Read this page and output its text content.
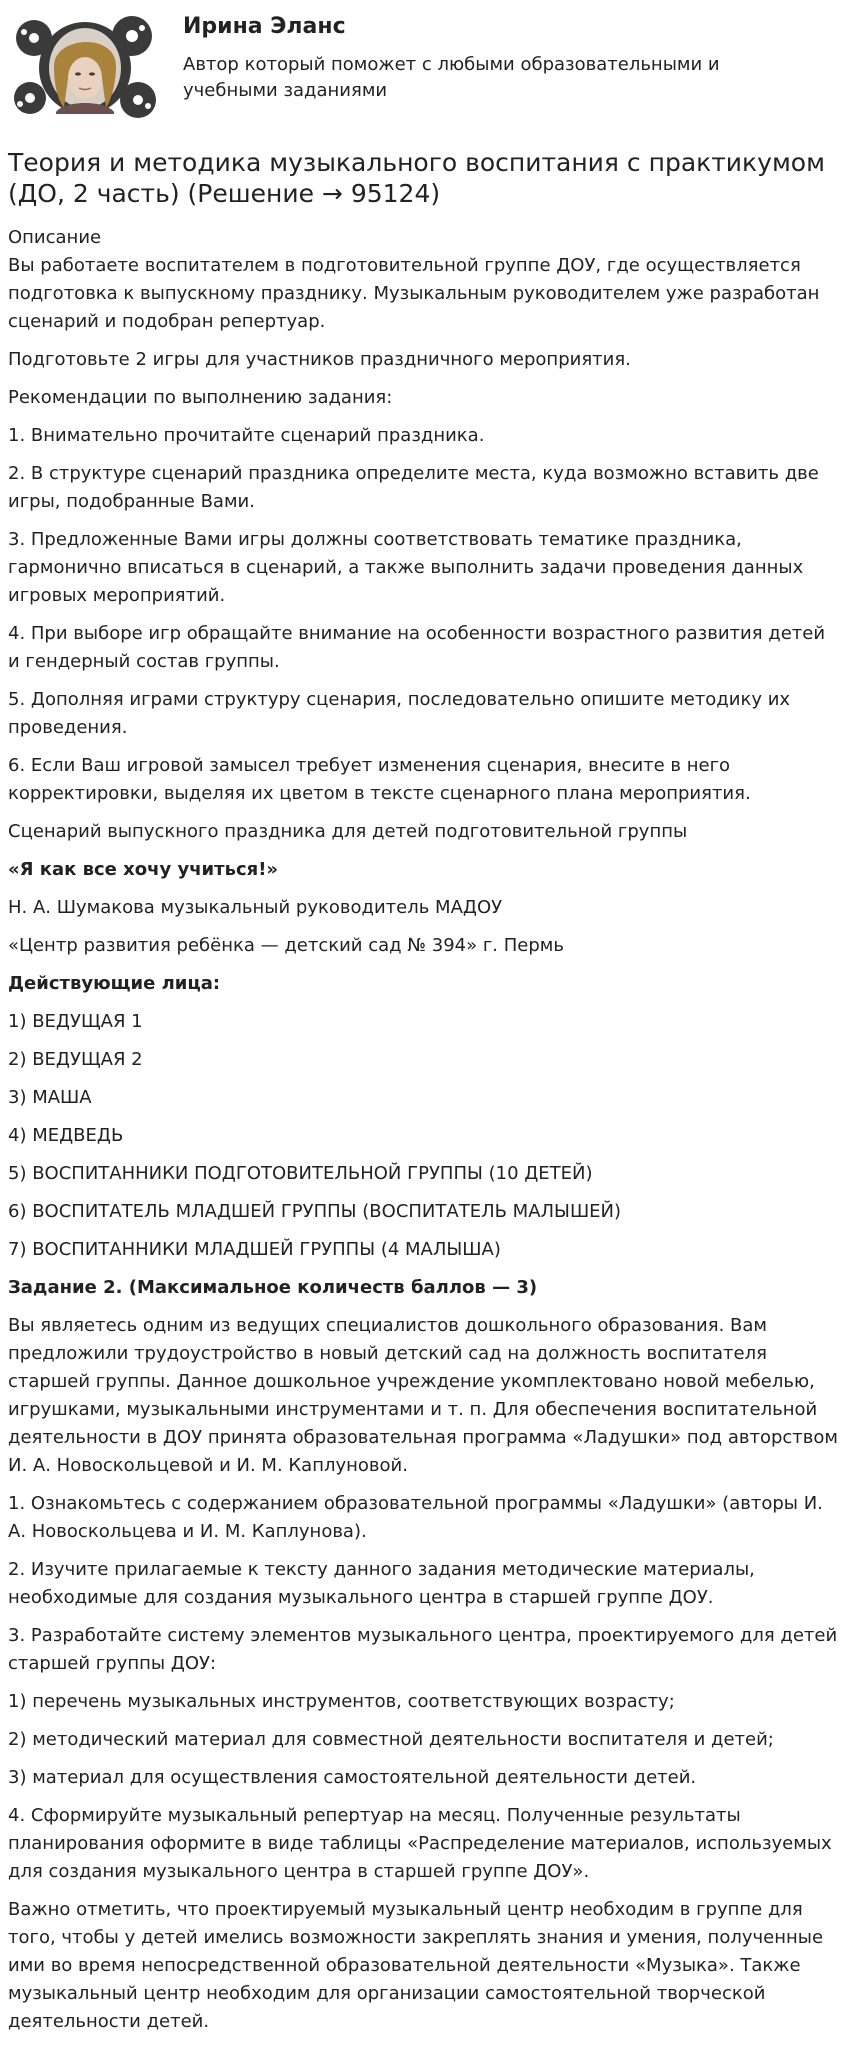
Ирина Эланс
Автор который поможет с любыми образовательными и учебными заданиями
Теория и методика музыкального воспитания с практикумом (ДО, 2 часть) (Решение → 95124)
Описание

Вы работаете воспитателем в подготовительной группе ДОУ, где осуществляется подготовка к выпускному празднику. Музыкальным руководителем уже разработан сценарий и подобран репертуар.

Подготовьте 2 игры для участников праздничного мероприятия.

Рекомендации по выполнению задания:

1. Внимательно прочитайте сценарий праздника.

2. В структуре сценарий праздника определите места, куда возможно вставить две игры, подобранные Вами.

3. Предложенные Вами игры должны соответствовать тематике праздника, гармонично вписаться в сценарий, а также выполнить задачи проведения данных игровых мероприятий.

4. При выборе игр обращайте внимание на особенности возрастного развития детей и гендерный состав группы.

5. Дополняя играми структуру сценария, последовательно опишите методику их проведения.

6. Если Ваш игровой замысел требует изменения сценария, внесите в него корректировки, выделяя их цветом в тексте сценарного плана мероприятия.

Сценарий выпускного праздника для детей подготовительной группы

«Я как все хочу учиться!»

Н. А. Шумакова музыкальный руководитель МАДОУ

«Центр развития ребёнка — детский сад № 394» г. Пермь

Действующие лица:

1) ВЕДУЩАЯ 1

2) ВЕДУЩАЯ 2

3) МАША

4) МЕДВЕДЬ

5) ВОСПИТАННИКИ ПОДГОТОВИТЕЛЬНОЙ ГРУППЫ (10 ДЕТЕЙ)

6) ВОСПИТАТЕЛЬ МЛАДШЕЙ ГРУППЫ (ВОСПИТАТЕЛЬ МАЛЫШЕЙ)

7) ВОСПИТАННИКИ МЛАДШЕЙ ГРУППЫ (4 МАЛЫША)

Задание 2. (Максимальное количеств баллов — 3)

Вы являетесь одним из ведущих специалистов дошкольного образования. Вам предложили трудоустройство в новый детский сад на должность воспитателя старшей группы. Данное дошкольное учреждение укомплектовано новой мебелью, игрушками, музыкальными инструментами и т. п. Для обеспечения воспитательной деятельности в ДОУ принята образовательная программа «Ладушки» под авторством И. А. Новоскольцевой и И. М. Каплуновой.

1. Ознакомьтесь с содержанием образовательной программы «Ладушки» (авторы И. А. Новоскольцева и И. М. Каплунова).

2. Изучите прилагаемые к тексту данного задания методические материалы, необходимые для создания музыкального центра в старшей группе ДОУ.

3. Разработайте систему элементов музыкального центра, проектируемого для детей старшей группы ДОУ:

1) перечень музыкальных инструментов, соответствующих возрасту;

2) методический материал для совместной деятельности воспитателя и детей;

3) материал для осуществления самостоятельной деятельности детей.

4. Сформируйте музыкальный репертуар на месяц. Полученные результаты планирования оформите в виде таблицы «Распределение материалов, используемых для создания музыкального центра в старшей группе ДОУ».

Важно отметить, что проектируемый музыкальный центр необходим в группе для того, чтобы у детей имелись возможности закреплять знания и умения, полученные ими во время непосредственной образовательной деятельности «Музыка». Также музыкальный центр необходим для организации самостоятельной творческой деятельности детей.
